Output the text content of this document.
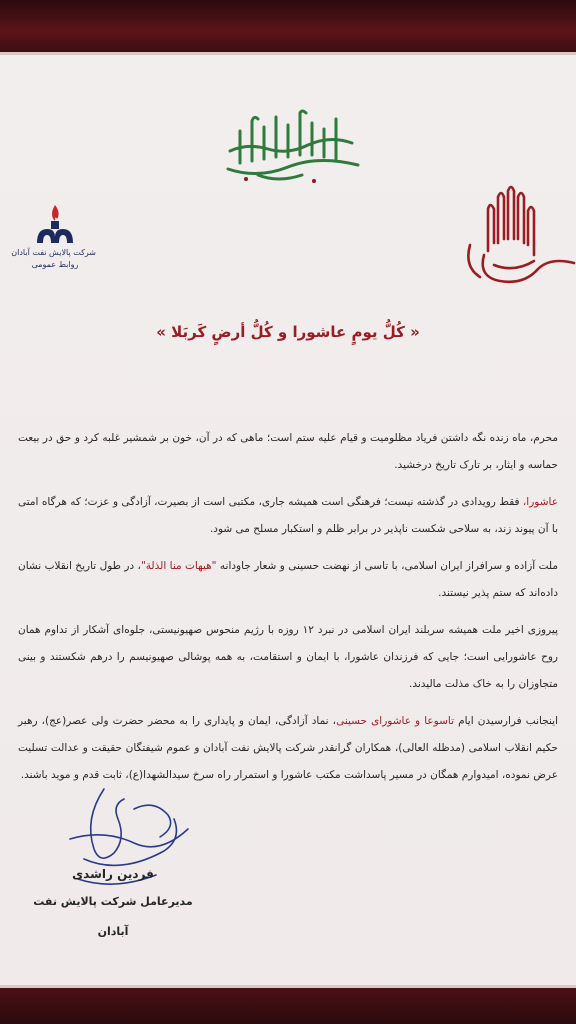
شرکت پالایش نفت آبادان
روابط عمومی
« کُلُّ یومٍ عاشورا و کُلُّ أرضٍ کَربَلا »

محرم، ماه زنده نگه داشتن فریاد مظلومیت و قیام علیه ستم است؛ ماهی که در آن، خون بر شمشیر غلبه کرد و حق در بیعت حماسه و ایثار، بر تارک تاریخ درخشید.

عاشورا، فقط رویدادی در گذشته نیست؛ فرهنگی است همیشه جاری، مکتبی است از بصیرت، آزادگی و عزت؛ که هرگاه امتی با آن پیوند زند، به سلاحی شکست ناپذیر در برابر ظلم و استکبار مسلح می شود.

ملت آزاده و سرافراز ایران اسلامی، با تاسی از نهضت حسینی و شعار جاودانه "هیهات منا الذلة"، در طول تاریخ انقلاب نشان داده‌اند که ستم پذیر نیستند.

پیروزی اخیر ملت همیشه سربلند ایران اسلامی در نبرد ۱۲ روزه با رژیم منحوس صهیونیستی، جلوه‌ای آشکار از تداوم همان روح عاشورایی است؛ جایی که فرزندان عاشورا، با ایمان و استقامت، به همه پوشالی صهیونیسم را درهم شکستند و بینی متجاوزان را به خاک مذلت مالیدند.

اینجانب فرارسیدن ایام تاسوعا و عاشورای حسینی، نماد آزادگی، ایمان و پایداری را به محضر حضرت ولی عصر(عج)، رهبر حکیم انقلاب اسلامی (مدظله العالی)، همکاران گرانقدر شرکت پالایش نفت آبادان و عموم شیفتگان حقیقت و عدالت تسلیت عرض نموده، امیدوارم همگان در مسیر پاسداشت مکتب عاشورا و استمرار راه سرخ سیدالشهدا(ع)، ثابت قدم و موید باشند.

فردین راشدی
مدیرعامل شرکت پالایش نفت آبادان
